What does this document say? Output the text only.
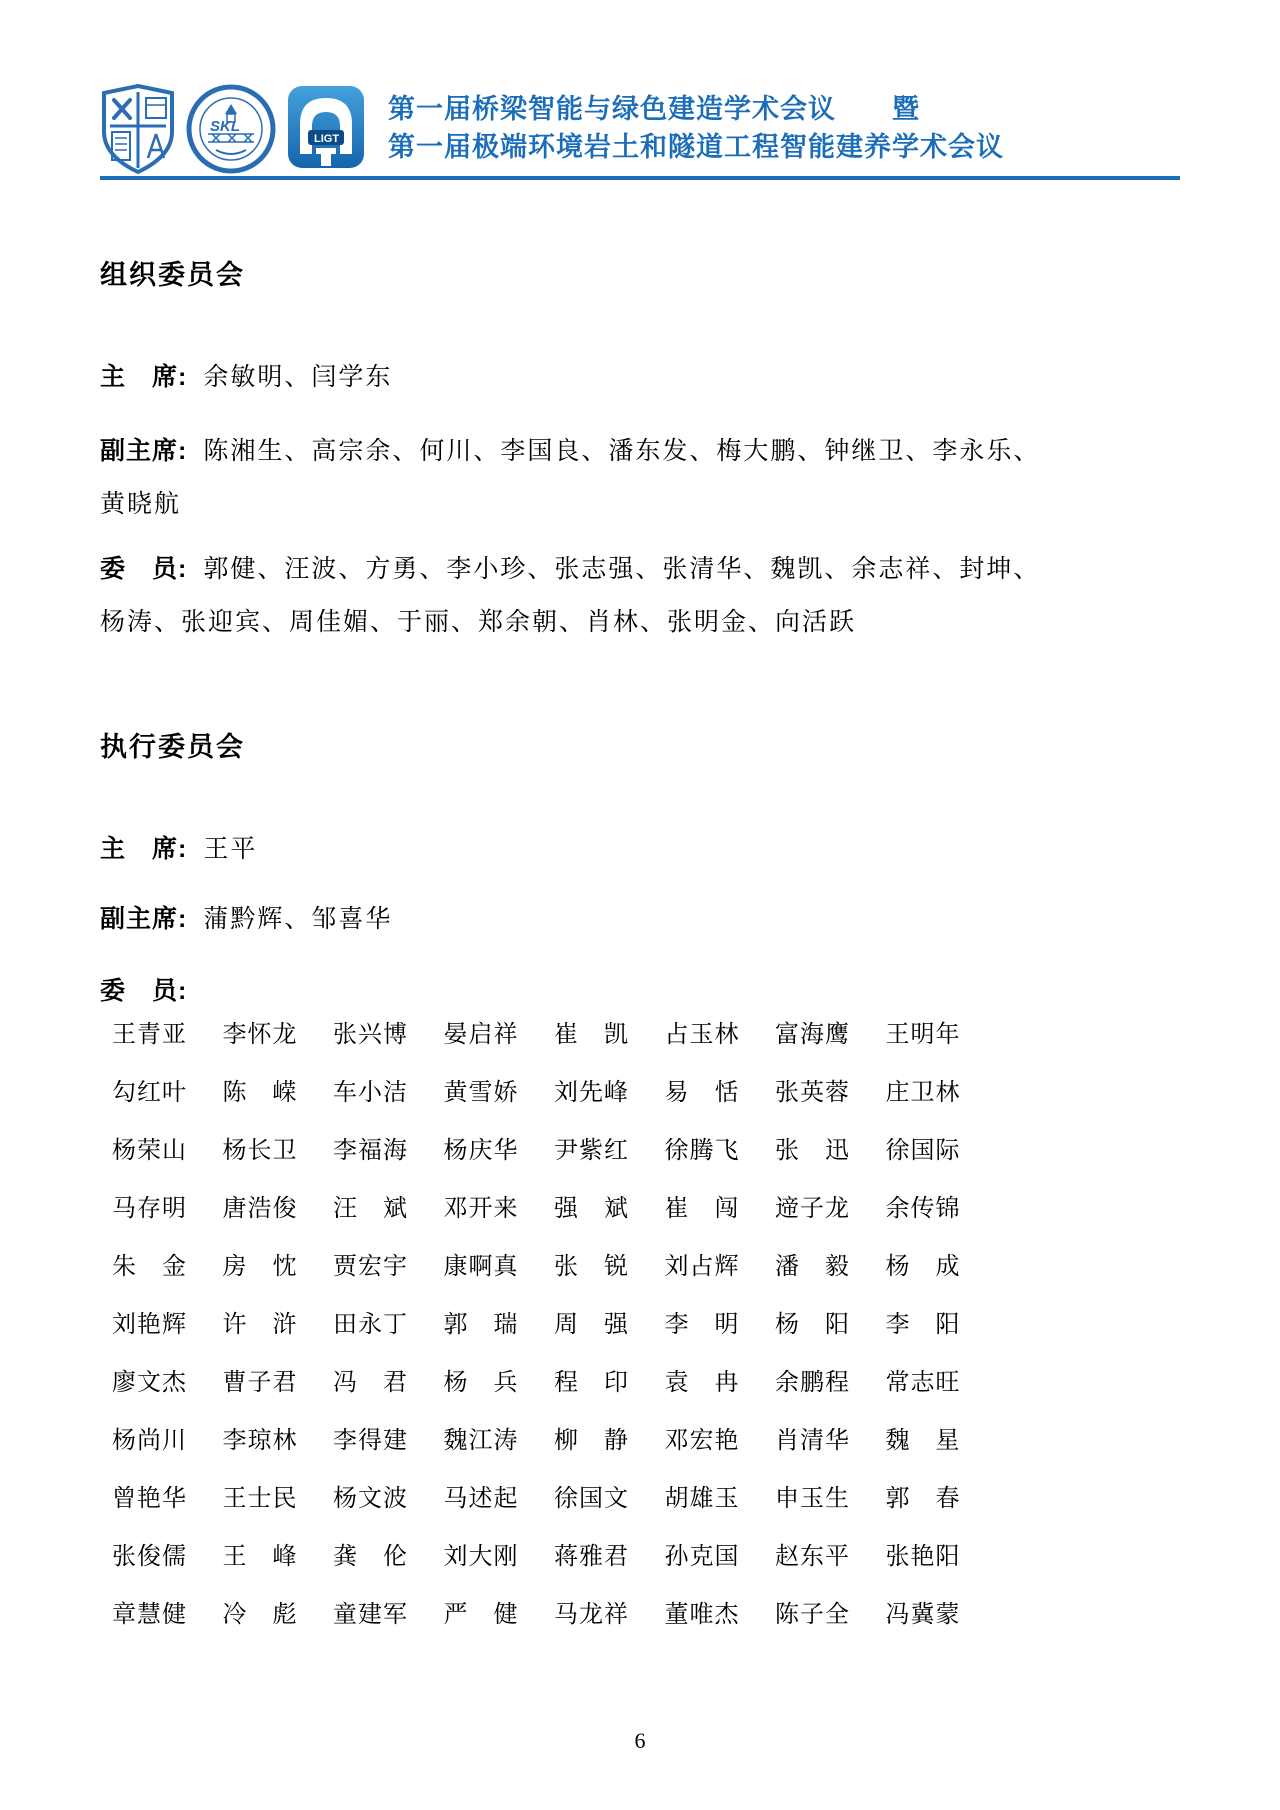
SKL
LIGT
第一届桥梁智能与绿色建造学术会议　　暨
第一届极端环境岩土和隧道工程智能建养学术会议
组织委员会

主　席: 余敏明、闫学东

副主席: 陈湘生、高宗余、何川、李国良、潘东发、梅大鹏、钟继卫、李永乐、
黄晓航

委　员: 郭健、汪波、方勇、李小珍、张志强、张清华、魏凯、余志祥、封坤、
杨涛、张迎宾、周佳媚、于丽、郑余朝、肖林、张明金、向活跃

执行委员会

主　席: 王平

副主席: 蒲黔辉、邹喜华

委　员:

王青亚	李怀龙	张兴博	晏启祥	崔　凯	占玉林	富海鹰	王明年
勾红叶	陈　嵘	车小洁	黄雪娇	刘先峰	易　恬	张英蓉	庄卫林
杨荣山	杨长卫	李福海	杨庆华	尹紫红	徐腾飞	张　迅	徐国际
马存明	唐浩俊	汪　斌	邓开来	强　斌	崔　闯	遆子龙	余传锦
朱　金	房　忱	贾宏宇	康啊真	张　锐	刘占辉	潘　毅	杨　成
刘艳辉	许　浒	田永丁	郭　瑞	周　强	李　明	杨　阳	李　阳
廖文杰	曹子君	冯　君	杨　兵	程　印	袁　冉	余鹏程	常志旺
杨尚川	李琼林	李得建	魏江涛	柳　静	邓宏艳	肖清华	魏　星
曾艳华	王士民	杨文波	马述起	徐国文	胡雄玉	申玉生	郭　春
张俊儒	王　峰	龚　伦	刘大刚	蒋雅君	孙克国	赵东平	张艳阳
章慧健	冷　彪	童建军	严　健	马龙祥	董唯杰	陈子全	冯冀蒙
6
